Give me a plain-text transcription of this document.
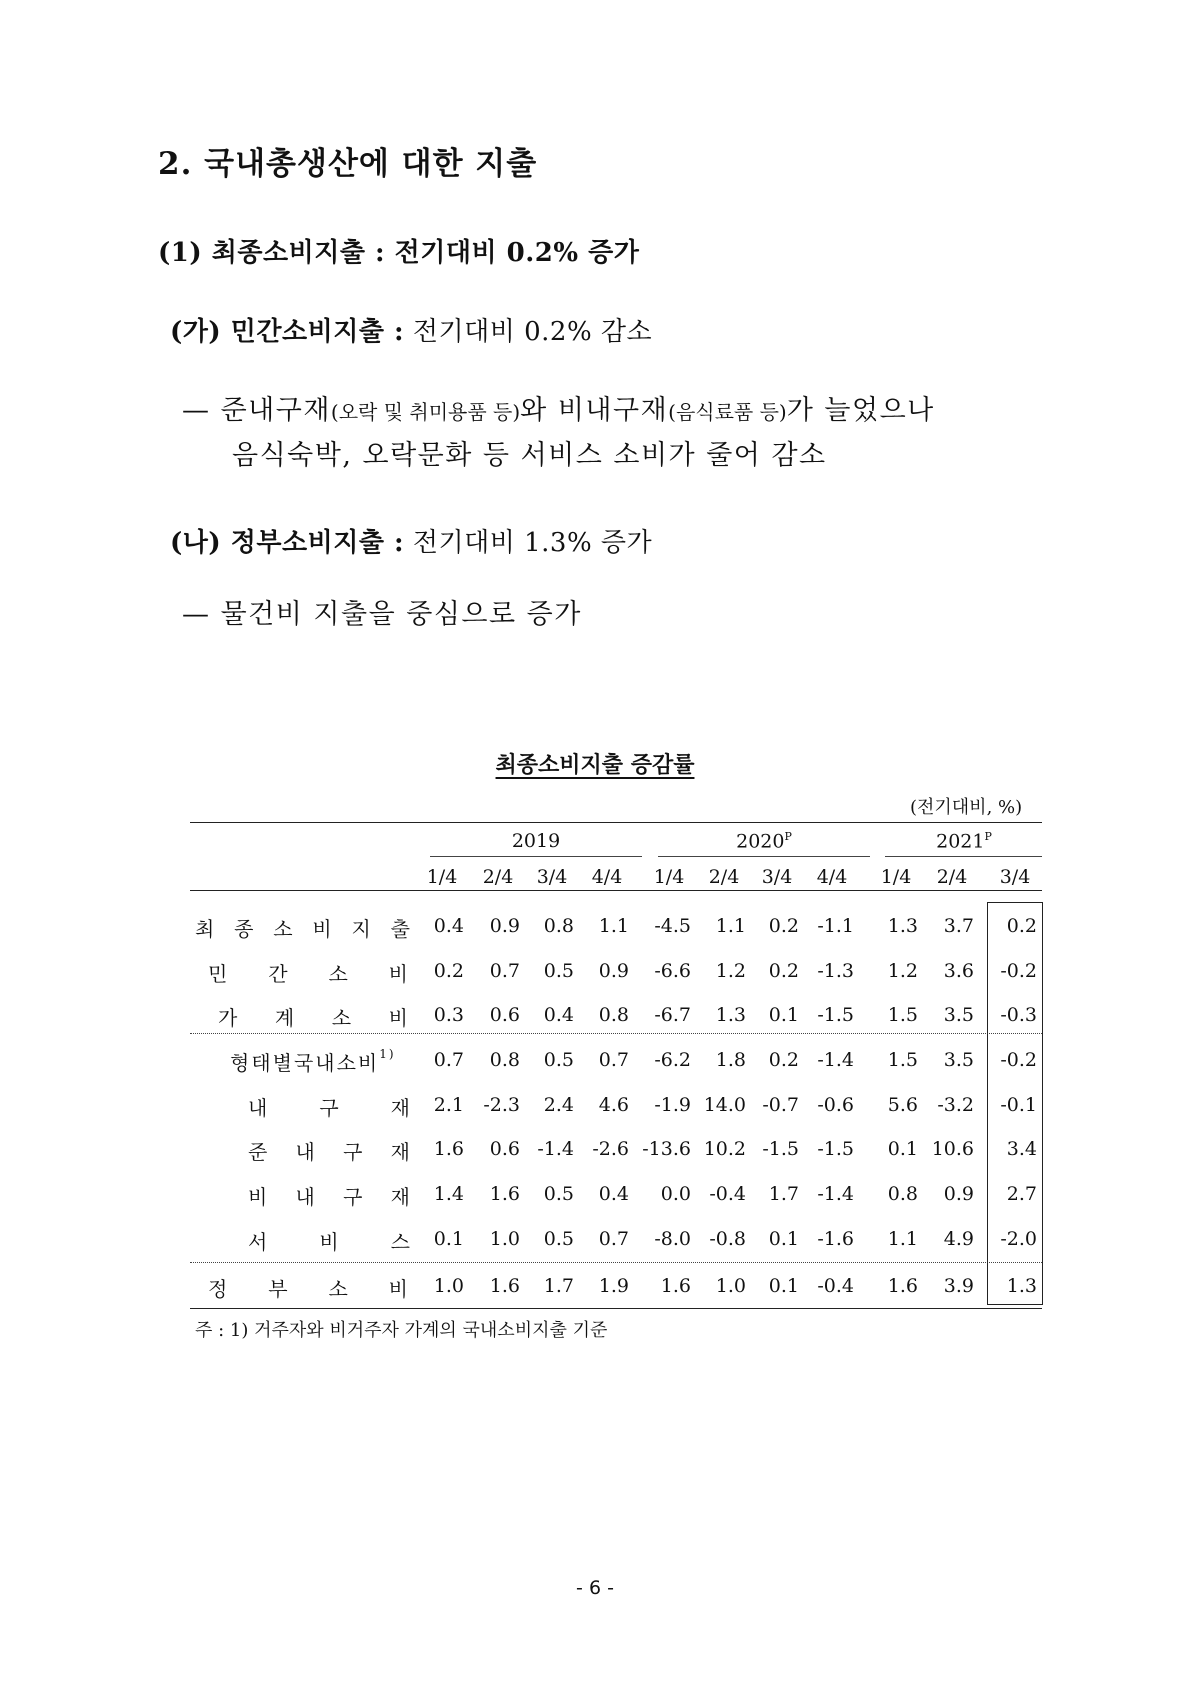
2. 국내총생산에 대한 지출
(1) 최종소비지출 : 전기대비 0.2% 증가
(가) 민간소비지출 : 전기대비 0.2% 감소
— 준내구재(오락 및 취미용품 등)와 비내구재(음식료품 등)가 늘었으나
음식숙박, 오락문화 등 서비스 소비가 줄어 감소
(나) 정부소비지출 : 전기대비 1.3% 증가
— 물건비 지출을 중심으로 증가
최종소비지출 증감률
(전기대비, %)
2019	$2020^P$	$2021^P$
1/4	2/4	3/4	4/4	1/4	2/4	3/4	4/4	1/4	2/4	3/4
최 종 소 비 지 출	0.4	0.9	0.8	1.1	-4.5	1.1	0.2 -1.1	1.3	3.7	0.2
민 간 소 비	0.2	0.7	0.5	0.9	-6.6	1.2	0.2 -1.3	1.2	3.6	-0.2
가 계 소 비	0.3	0.6	0.4	0.8	-6.7	1.3	0.1 -1.5	1.5	3.5	-0.3
형태별국내소비 1)	0.7	0.8	0.5	0.7	-6.2	1.8	0.2 -1.4	1.5	3.5	-0.2
내	구	재	2.1	-2.3	2.4	4.6	-1.9 14.0 -0.7 -0.6	5.6	-3.2	-0.1
준 내 구 재	1.6	0.6 -1.4 -2.6 -13.6 10.2 -1.5 -1.5	0.1 10.6	3.4
비 내 구 재	1.4	1.6	0.5	0.4	0.0 -0.4	1.7 -1.4	0.8	0.9	2.7
서	비	스	0.1	1.0	0.5	0.7	-8.0 -0.8	0.1 -1.6	1.1	4.9	-2.0
정 부 소 비	1.0	1.6	1.7	1.9	1.6	1.0	0.1 -0.4	1.6	3.9	1.3
주 : 1) 거주자와 비거주자 가계의 국내소비지출 기준
- 6 -
